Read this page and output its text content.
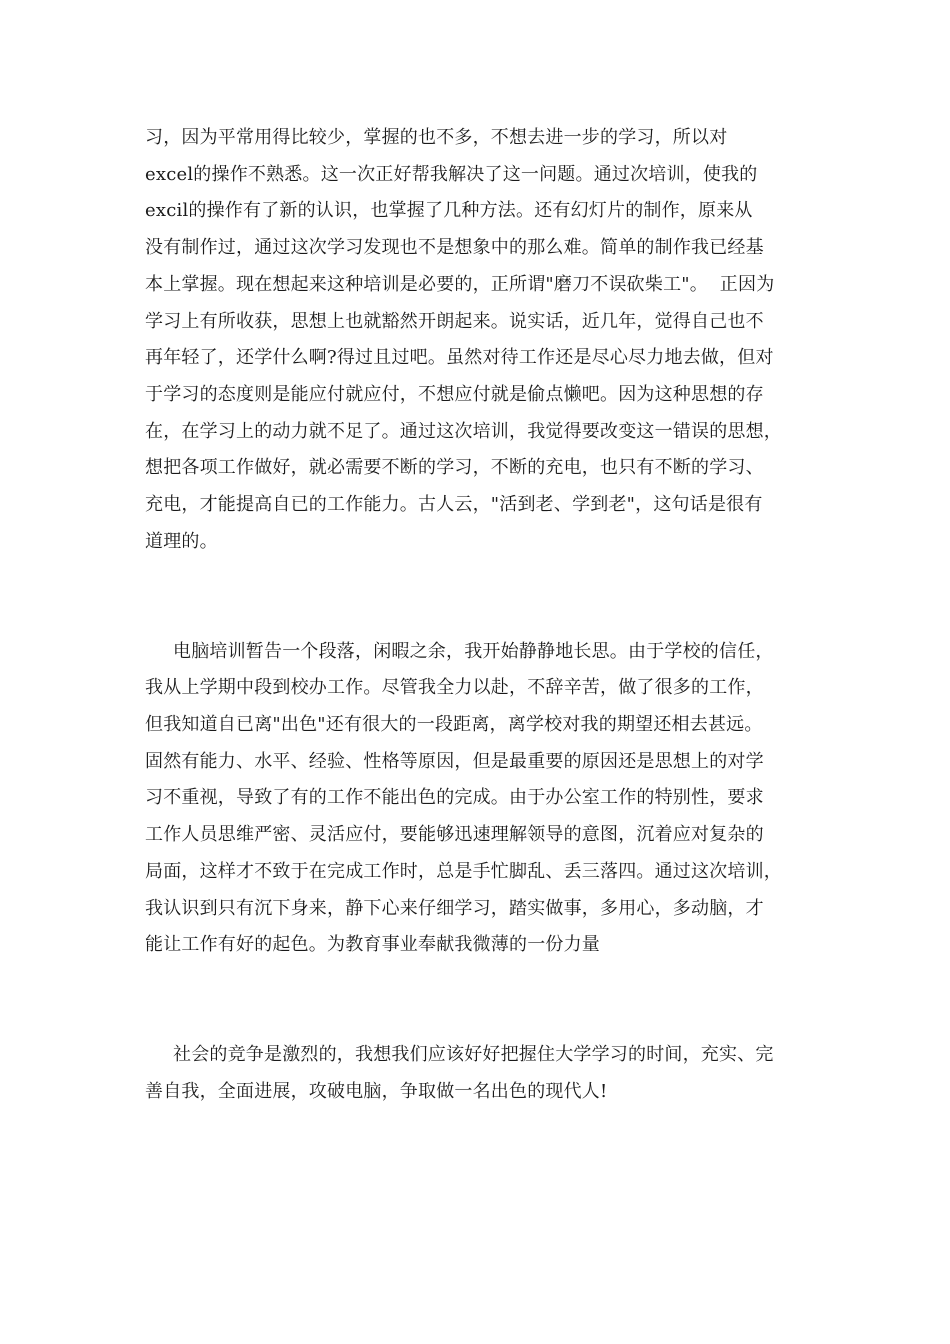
习，因为平常用得比较少，掌握的也不多，不想去进一步的学习，所以对
excel的操作不熟悉。这一次正好帮我解决了这一问题。通过次培训，使我的
excil的操作有了新的认识，也掌握了几种方法。还有幻灯片的制作，原来从
没有制作过，通过这次学习发现也不是想象中的那么难。简单的制作我已经基
本上掌握。现在想起来这种培训是必要的，正所谓"磨刀不误砍柴工"。  正因为
学习上有所收获，思想上也就豁然开朗起来。说实话，近几年，觉得自己也不
再年轻了，还学什么啊?得过且过吧。虽然对待工作还是尽心尽力地去做，但对
于学习的态度则是能应付就应付，不想应付就是偷点懒吧。因为这种思想的存
在，在学习上的动力就不足了。通过这次培训，我觉得要改变这一错误的思想，
想把各项工作做好，就必需要不断的学习，不断的充电，也只有不断的学习、
充电，才能提高自已的工作能力。古人云，"活到老、学到老"，这句话是很有
道理的。
电脑培训暂告一个段落，闲暇之余，我开始静静地长思。由于学校的信任，
我从上学期中段到校办工作。尽管我全力以赴，不辞辛苦，做了很多的工作，
但我知道自已离"出色"还有很大的一段距离，离学校对我的期望还相去甚远。
固然有能力、水平、经验、性格等原因，但是最重要的原因还是思想上的对学
习不重视，导致了有的工作不能出色的完成。由于办公室工作的特别性，要求
工作人员思维严密、灵活应付，要能够迅速理解领导的意图，沉着应对复杂的
局面，这样才不致于在完成工作时，总是手忙脚乱、丢三落四。通过这次培训，
我认识到只有沉下身来，静下心来仔细学习，踏实做事，多用心，多动脑，才
能让工作有好的起色。为教育事业奉献我微薄的一份力量
社会的竞争是激烈的，我想我们应该好好把握住大学学习的时间，充实、完
善自我，全面进展，攻破电脑，争取做一名出色的现代人!
